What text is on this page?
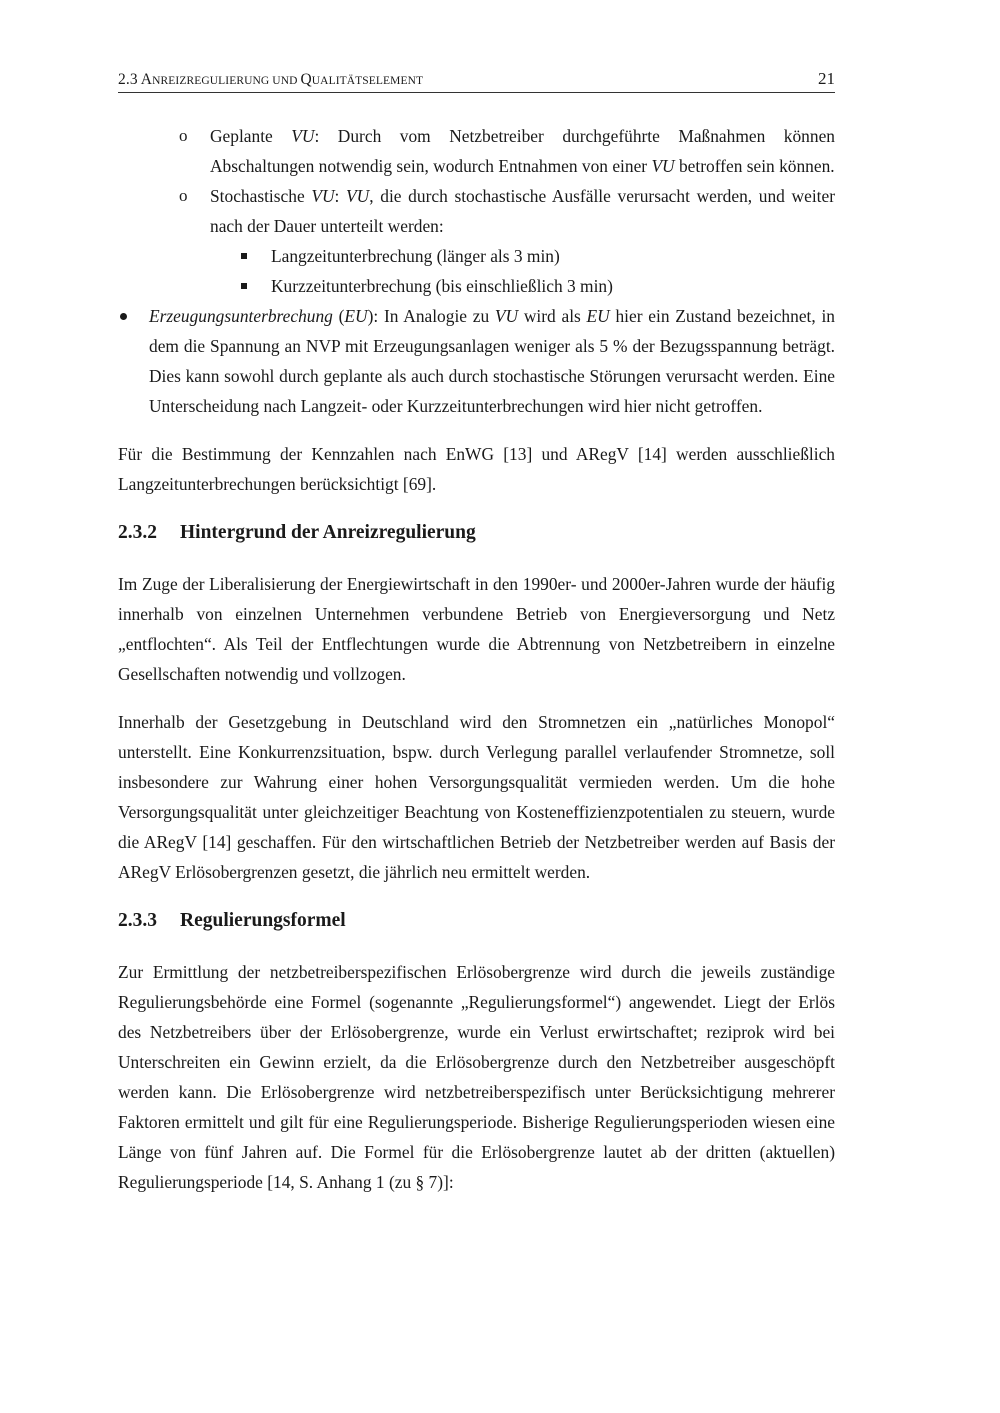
2.3 ANREIZREGULIERUNG UND QUALITÄTSELEMENT	21
o Geplante VU: Durch vom Netzbetreiber durchgeführte Maßnahmen können Abschaltungen notwendig sein, wodurch Entnahmen von einer VU betroffen sein können.

o Stochastische VU: VU, die durch stochastische Ausfälle verursacht werden, und weiter nach der Dauer unterteilt werden:

Langzeitunterbrechung (länger als 3 min)

Kurzzeitunterbrechung (bis einschließlich 3 min)

Erzeugungsunterbrechung (EU): In Analogie zu VU wird als EU hier ein Zustand bezeichnet, in dem die Spannung an NVP mit Erzeugungsanlagen weniger als 5 % der Bezugsspannung beträgt. Dies kann sowohl durch geplante als auch durch stochastische Störungen verursacht werden. Eine Unterscheidung nach Langzeit- oder Kurzzeitunterbrechungen wird hier nicht getroffen.

Für die Bestimmung der Kennzahlen nach EnWG [13] und ARegV [14] werden ausschließlich Langzeitunterbrechungen berücksichtigt [69].

2.3.2 Hintergrund der Anreizregulierung

Im Zuge der Liberalisierung der Energiewirtschaft in den 1990er- und 2000er-Jahren wurde der häufig innerhalb von einzelnen Unternehmen verbundene Betrieb von Energieversorgung und Netz „entflochten“. Als Teil der Entflechtungen wurde die Abtrennung von Netzbetreibern in einzelne Gesellschaften notwendig und vollzogen.

Innerhalb der Gesetzgebung in Deutschland wird den Stromnetzen ein „natürliches Monopol“ unterstellt. Eine Konkurrenzsituation, bspw. durch Verlegung parallel verlaufender Stromnetze, soll insbesondere zur Wahrung einer hohen Versorgungsqualität vermieden werden. Um die hohe Versorgungsqualität unter gleichzeitiger Beachtung von Kosteneffizienzpotentialen zu steuern, wurde die ARegV [14] geschaffen. Für den wirtschaftlichen Betrieb der Netzbetreiber werden auf Basis der ARegV Erlösobergrenzen gesetzt, die jährlich neu ermittelt werden.

2.3.3 Regulierungsformel

Zur Ermittlung der netzbetreiberspezifischen Erlösobergrenze wird durch die jeweils zuständige Regulierungsbehörde eine Formel (sogenannte „Regulierungsformel“) angewendet. Liegt der Erlös des Netzbetreibers über der Erlösobergrenze, wurde ein Verlust erwirtschaftet; reziprok wird bei Unterschreiten ein Gewinn erzielt, da die Erlösobergrenze durch den Netzbetreiber ausgeschöpft werden kann. Die Erlösobergrenze wird netzbetreiberspezifisch unter Berücksichtigung mehrerer Faktoren ermittelt und gilt für eine Regulierungsperiode. Bisherige Regulierungsperioden wiesen eine Länge von fünf Jahren auf. Die Formel für die Erlösobergrenze lautet ab der dritten (aktuellen) Regulierungsperiode [14, S. Anhang 1 (zu § 7)]:
